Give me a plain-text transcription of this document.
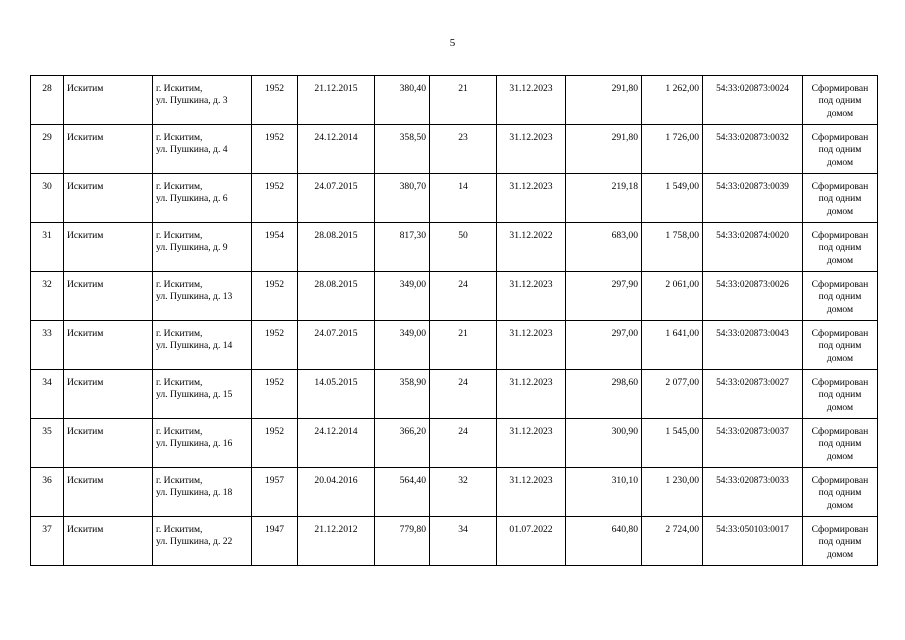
5
28	Искитим	г. Искитим,
ул. Пушкина, д. 3	1952	21.12.2015	380,40	21	31.12.2023	291,80	1 262,00	54:33:020873:0024	Сформирован
под одним
домом

29	Искитим	г. Искитим,
ул. Пушкина, д. 4	1952	24.12.2014	358,50	23	31.12.2023	291,80	1 726,00	54:33:020873:0032	Сформирован
под одним
домом

30	Искитим	г. Искитим,
ул. Пушкина, д. 6	1952	24.07.2015	380,70	14	31.12.2023	219,18	1 549,00	54:33:020873:0039	Сформирован
под одним
домом

31	Искитим	г. Искитим,
ул. Пушкина, д. 9	1954	28.08.2015	817,30	50	31.12.2022	683,00	1 758,00	54:33:020874:0020	Сформирован
под одним
домом

32	Искитим	г. Искитим,
ул. Пушкина, д. 13	1952	28.08.2015	349,00	24	31.12.2023	297,90	2 061,00	54:33:020873:0026	Сформирован
под одним
домом

33	Искитим	г. Искитим,
ул. Пушкина, д. 14	1952	24.07.2015	349,00	21	31.12.2023	297,00	1 641,00	54:33:020873:0043	Сформирован
под одним
домом

34	Искитим	г. Искитим,
ул. Пушкина, д. 15	1952	14.05.2015	358,90	24	31.12.2023	298,60	2 077,00	54:33:020873:0027	Сформирован
под одним
домом

35	Искитим	г. Искитим,
ул. Пушкина, д. 16	1952	24.12.2014	366,20	24	31.12.2023	300,90	1 545,00	54:33:020873:0037	Сформирован
под одним
домом

36	Искитим	г. Искитим,
ул. Пушкина, д. 18	1957	20.04.2016	564,40	32	31.12.2023	310,10	1 230,00	54:33:020873:0033	Сформирован
под одним
домом

37	Искитим	г. Искитим,
ул. Пушкина, д. 22	1947	21.12.2012	779,80	34	01.07.2022	640,80	2 724,00	54:33:050103:0017	Сформирован
под одним
домом
